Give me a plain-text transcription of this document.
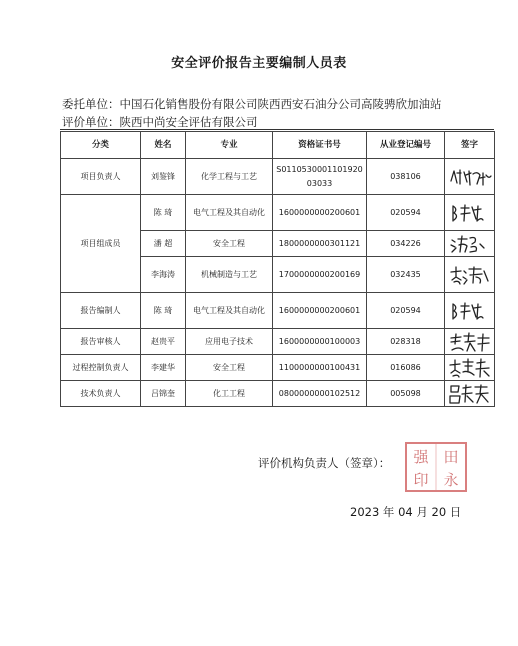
安全评价报告主要编制人员表
委托单位：中国石化销售股份有限公司陕西西安石油分公司高陵骋欣加油站
评价单位：陕西中尚安全评估有限公司
分类	姓名	专业	资格证书号	从业登记编号	签字
项目负责人	刘鉴锋	化学工程与工艺	S011053000110192003033	038106	

项目组成员	陈 琦	电气工程及其自动化	1600000000200601	020594	

	潘 超	安全工程	1800000000301121	034226	

	李海涛	机械制造与工艺	1700000000200169	032435	

报告编制人	陈 琦	电气工程及其自动化	1600000000200601	020594	

报告审核人	赵贵平	应用电子技术	1600000000100003	028318	

过程控制负责人	李建华	安全工程	1100000000100431	016086	

技术负责人	吕锦奎	化工工程	0800000000102512	005098	
评价机构负责人（签章）： 强 田
印 永
2023 年 04 月 20 日
